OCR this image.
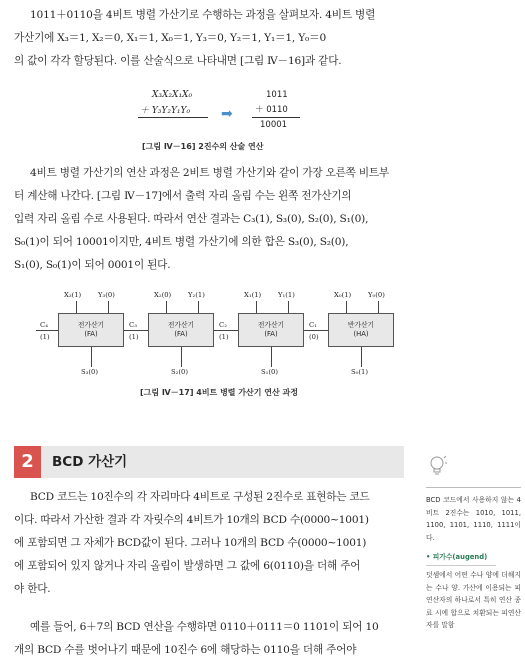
1011＋0110을 4비트 병렬 가산기로 수행하는 과정을 살펴보자. 4비트 병렬
가산기에 X₃＝1, X₂＝0, X₁＝1, X₀＝1, Y₃＝0, Y₂＝1, Y₁＝1, Y₀＝0
의 값이 각각 할당된다. 이를 산술식으로 나타내면 [그림 Ⅳ－16]과 같다.
X₃X₂X₁X₀
＋ Y₃Y₂Y₁Y₀ ➡
1011
＋ 0110
10001
[그림 Ⅳ－16] 2진수의 산술 연산
4비트 병렬 가산기의 연산 과정은 2비트 병렬 가산기와 같이 가장 오른쪽 비트부
터 계산해 나간다. [그림 Ⅳ－17]에서 출력 자리 올림 수는 왼쪽 전가산기의
입력 자리 올림 수로 사용된다. 따라서 연산 결과는 C₃(1), S₃(0), S₂(0), S₁(0),
S₀(1)이 되어 10001이지만, 4비트 병렬 가산기에 의한 합은 S₃(0), S₂(0),
S₁(0), S₀(1)이 되어 0001이 된다.
X₃(1) Y₃(0)
전가산기
(FA)
S₃(0)
C₄
(1)
X₂(0) Y₂(1)
전가산기
(FA)
S₂(0)
C₃
(1)
X₁(1) Y₁(1)
전가산기
(FA)
S₁(0)
C₂
(1)
X₀(1) Y₀(0)
반가산기
(HA)
S₀(1)
C₁
(0)
[그림 Ⅳ－17] 4비트 병렬 가산기 연산 과정
2	BCD 가산기
BCD 코드는 10진수의 각 자리마다 4비트로 구성된 2진수로 표현하는 코드
이다. 따라서 가산한 결과 각 자릿수의 4비트가 10개의 BCD 수(0000∼1001)
에 포함되면 그 자체가 BCD값이 된다. 그러나 10개의 BCD 수(0000∼1001)
에 포함되어 있지 않거나 자리 올림이 발생하면 그 값에 6(0110)을 더해 주어
야 한다.
예를 들어, 6＋7의 BCD 연산을 수행하면 0110＋0111＝0 1101이 되어 10
개의 BCD 수를 벗어나기 때문에 10진수 6에 해당하는 0110을 더해 주어야
BCD 코드에서 사용하지 않는 4비트 2진수는 1010, 1011, 1100, 1101, 1110, 1111이다.
• 피가수(augend)
덧셈에서 어떤 수나 양에 더해지는 수나 양. 가산에 이용되는 피연산자의 하나로서 특히 연산 종료 시에 합으로 치환되는 피연산자를 말함
